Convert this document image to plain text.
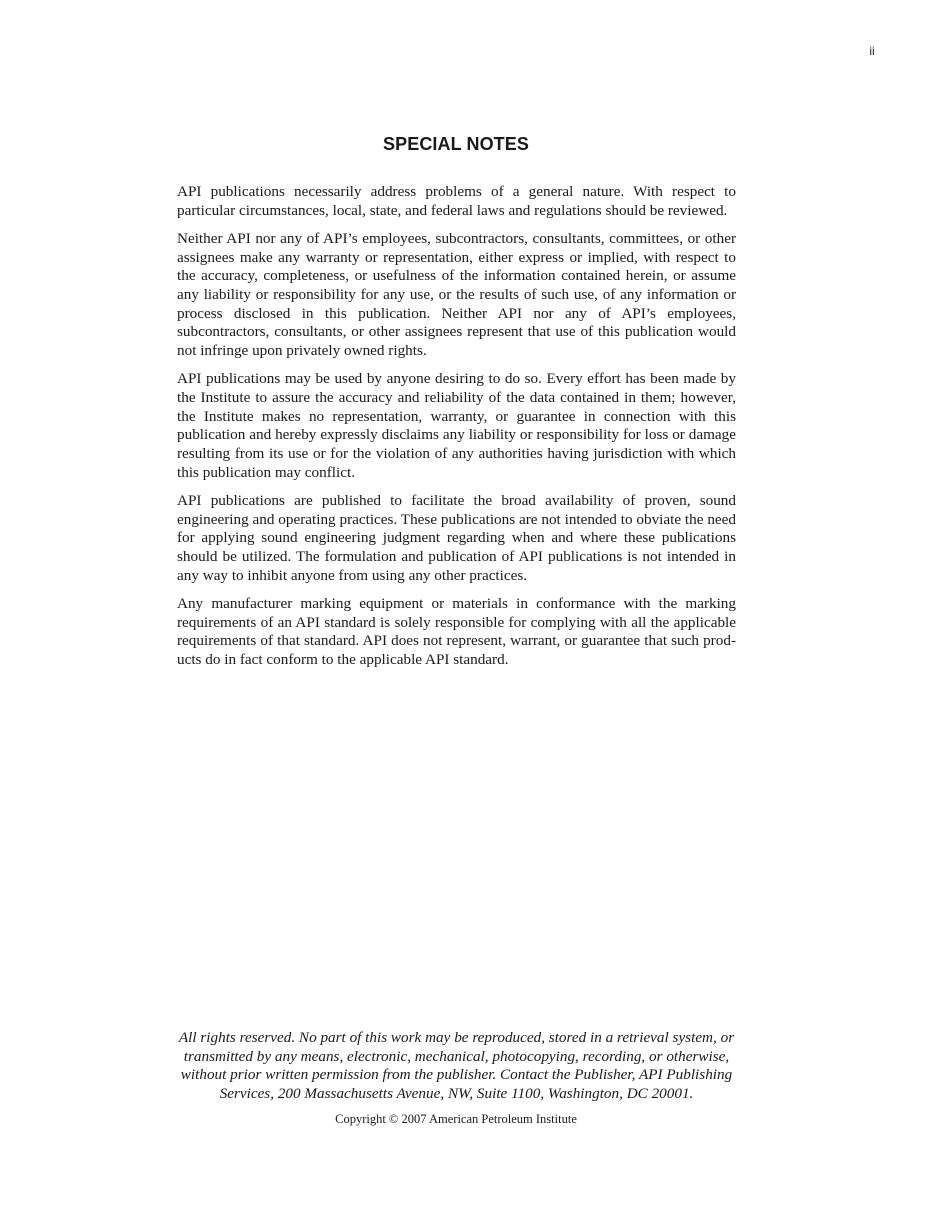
ii
SPECIAL NOTES

API publications necessarily address problems of a general nature. With respect to particular circumstances, local, state, and federal laws and regulations should be reviewed.

Neither API nor any of API’s employees, subcontractors, consultants, committees, or other assignees make any warranty or representation, either express or implied, with respect to the accuracy, completeness, or usefulness of the information contained herein, or assume any liability or responsibility for any use, or the results of such use, of any information or process disclosed in this publication. Neither API nor any of API’s employees, subcontractors, consultants, or other assignees represent that use of this publication would not infringe upon privately owned rights.

API publications may be used by anyone desiring to do so. Every effort has been made by the Institute to assure the accuracy and reliability of the data contained in them; however, the Institute makes no representation, warranty, or guarantee in connection with this publication and hereby expressly disclaims any liability or responsibility for loss or damage resulting from its use or for the violation of any authorities having jurisdiction with which this publication may conflict.

API publications are published to facilitate the broad availability of proven, sound engineering and operating practices. These publications are not intended to obviate the need for applying sound engineering judgment regarding when and where these publications should be utilized. The formulation and publication of API publications is not intended in any way to inhibit anyone from using any other practices.

Any manufacturer marking equipment or materials in conformance with the marking requirements of an API standard is solely responsible for complying with all the applicable requirements of that standard. API does not represent, warrant, or guarantee that such products do in fact conform to the applicable API standard.

All rights reserved. No part of this work may be reproduced, stored in a retrieval system, or transmitted by any means, electronic, mechanical, photocopying, recording, or otherwise, without prior written permission from the publisher. Contact the Publisher, API Publishing Services, 200 Massachusetts Avenue, NW, Suite 1100, Washington, DC 20001.

Copyright © 2007 American Petroleum Institute
